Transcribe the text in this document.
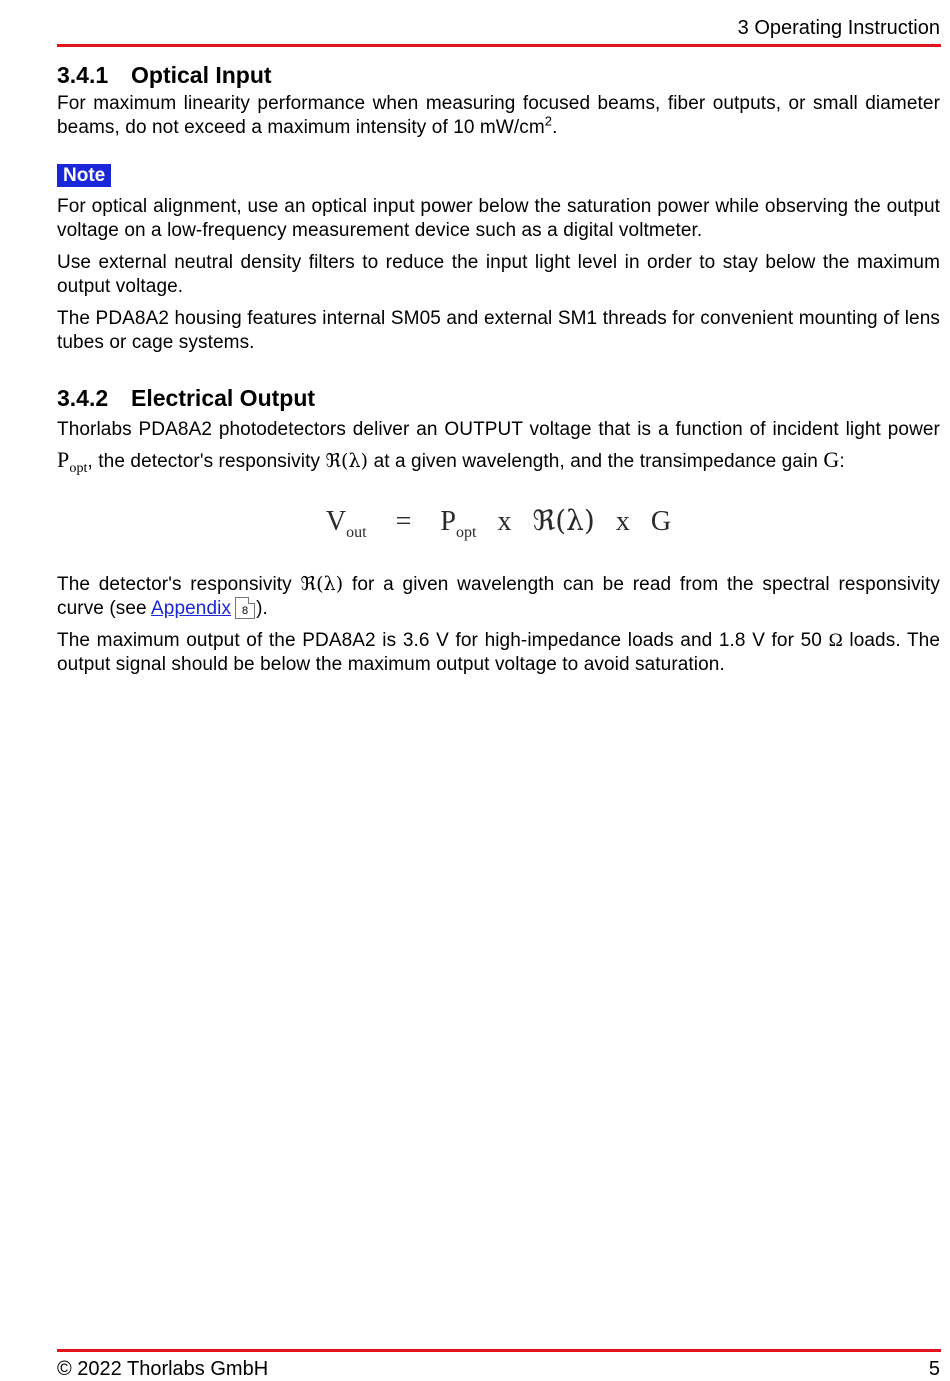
3 Operating Instruction
3.4.1 Optical Input

For maximum linearity performance when measuring focused beams, fiber outputs, or small diameter beams, do not exceed a maximum intensity of 10 $mW/cm^2$.

Note

For optical alignment, use an optical input power below the saturation power while observing the output voltage on a low-frequency measurement device such as a digital voltmeter.

Use external neutral density filters to reduce the input light level in order to stay below the maximum output voltage.

The PDA8A2 housing features internal SM05 and external SM1 threads for convenient mounting of lens tubes or cage systems.

3.4.2 Electrical Output

Thorlabs PDA8A2 photodetectors deliver an OUTPUT voltage that is a function of incident light power $P_{opt}$, the detector's responsivity ℜ(λ) at a given wavelength, and the transimpedance gain G:

$V_{out} = P_{opt}$ x ℜ(λ) x G

The detector's responsivity ℜ(λ) for a given wavelength can be read from the spectral responsivity curve (see Appendix 8 ).

The maximum output of the PDA8A2 is 3.6 V for high-impedance loads and 1.8 V for 50 Ω loads. The output signal should be below the maximum output voltage to avoid saturation.

© 2022 Thorlabs GmbH	5
